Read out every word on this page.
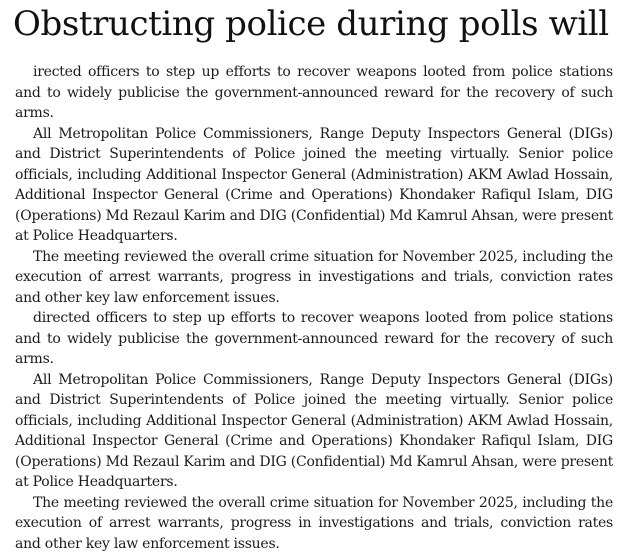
Obstructing police during polls will

irected officers to step up efforts to recover weapons looted from police stations and to widely publicise the government-announced reward for the recovery of such arms.

All Metropolitan Police Commissioners, Range Deputy Inspectors General (DIGs) and District Superintendents of Police joined the meeting virtually. Senior police officials, including Additional Inspector General (Administration) AKM Awlad Hossain, Additional Inspector General (Crime and Operations) Khondaker Rafiqul Islam, DIG (Operations) Md Rezaul Karim and DIG (Confidential) Md Kamrul Ahsan, were present at Police Headquarters.

The meeting reviewed the overall crime situation for November 2025, including the execution of arrest warrants, progress in investigations and trials, conviction rates and other key law enforcement issues.

directed officers to step up efforts to recover weapons looted from police stations and to widely publicise the government-announced reward for the recovery of such arms.

All Metropolitan Police Commissioners, Range Deputy Inspectors General (DIGs) and District Superintendents of Police joined the meeting virtually. Senior police officials, including Additional Inspector General (Administration) AKM Awlad Hossain, Additional Inspector General (Crime and Operations) Khondaker Rafiqul Islam, DIG (Operations) Md Rezaul Karim and DIG (Confidential) Md Kamrul Ahsan, were present at Police Headquarters.

The meeting reviewed the overall crime situation for November 2025, including the execution of arrest warrants, progress in investigations and trials, conviction rates and other key law enforcement issues.
